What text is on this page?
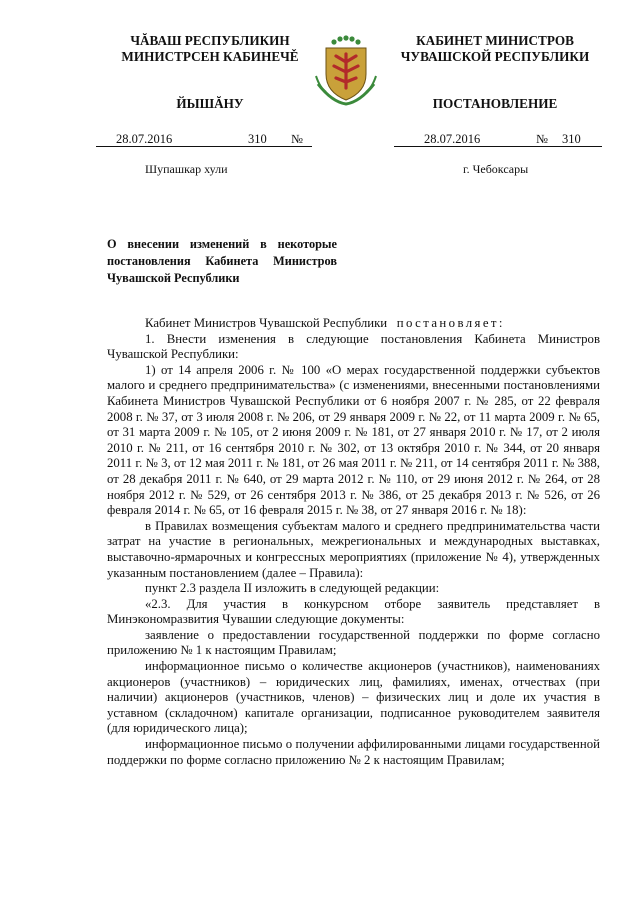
ЧĂВАШ РЕСПУБЛИКИН
МИНИСТРСЕН КАБИНЕЧĚ
КАБИНЕТ МИНИСТРОВ
ЧУВАШСКОЙ РЕСПУБЛИКИ
ЙЫШĂНУ	ПОСТАНОВЛЕНИЕ
28.07.2016	310 №	28.07.2016	№ 310
Шупашкар хули	г. Чебоксары
О внесении изменений в некоторые постановления Кабинета Министров Чувашской Республики

Кабинет Министров Чувашской Республики постановляет:

1. Внести изменения в следующие постановления Кабинета Министров Чувашской Республики:

1) от 14 апреля 2006 г. № 100 «О мерах государственной поддержки субъектов малого и среднего предпринимательства» (с изменениями, внесенными постановлениями Кабинета Министров Чувашской Республики от 6 ноября 2007 г. № 285, от 22 февраля 2008 г. № 37, от 3 июля 2008 г. № 206, от 29 января 2009 г. № 22, от 11 марта 2009 г. № 65, от 31 марта 2009 г. № 105, от 2 июня 2009 г. № 181, от 27 января 2010 г. № 17, от 2 июля 2010 г. № 211, от 16 сентября 2010 г. № 302, от 13 октября 2010 г. № 344, от 20 января 2011 г. № 3, от 12 мая 2011 г. № 181, от 26 мая 2011 г. № 211, от 14 сентября 2011 г. № 388, от 28 декабря 2011 г. № 640, от 29 марта 2012 г. № 110, от 29 июня 2012 г. № 264, от 28 ноября 2012 г. № 529, от 26 сентября 2013 г. № 386, от 25 декабря 2013 г. № 526, от 26 февраля 2014 г. № 65, от 16 февраля 2015 г. № 38, от 27 января 2016 г. № 18):

в Правилах возмещения субъектам малого и среднего предпринимательства части затрат на участие в региональных, межрегиональных и международных выставках, выставочно-ярмарочных и конгрессных мероприятиях (приложение № 4), утвержденных указанным постановлением (далее – Правила):

пункт 2.3 раздела II изложить в следующей редакции:

«2.3. Для участия в конкурсном отборе заявитель представляет в Минэкономразвития Чувашии следующие документы:

заявление о предоставлении государственной поддержки по форме согласно приложению № 1 к настоящим Правилам;

информационное письмо о количестве акционеров (участников), наименованиях акционеров (участников) – юридических лиц, фамилиях, именах, отчествах (при наличии) акционеров (участников, членов) – физических лиц и доле их участия в уставном (складочном) капитале организации, подписанное руководителем заявителя (для юридического лица);

информационное письмо о получении аффилированными лицами государственной поддержки по форме согласно приложению № 2 к настоящим Правилам;
